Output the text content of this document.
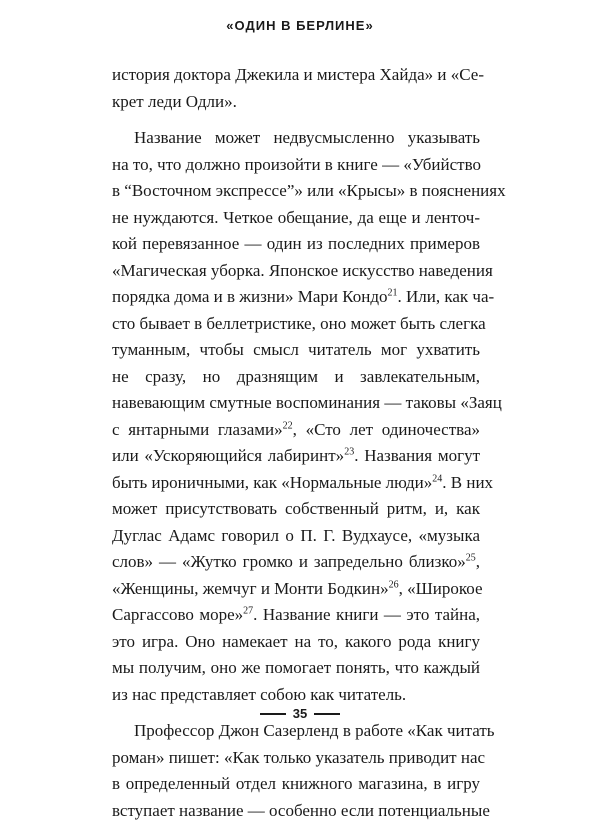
«ОДИН В БЕРЛИНЕ»
история доктора Джекила и мистера Хайда» и «Се-
крет леди Одли».
Название может недвусмысленно указывать
на то, что должно произойти в книге — «Убийство
в “Восточном экспрессе”» или «Крысы» в пояснениях
не нуждаются. Четкое обещание, да еще и ленточ-
кой перевязанное — один из последних примеров
«Магическая уборка. Японское искусство наведения
порядка дома и в жизни» Мари Кондо$^{21}$. Или, как ча-
сто бывает в беллетристике, оно может быть слегка
туманным, чтобы смысл читатель мог ухватить
не сразу, но дразнящим и завлекательным,
навевающим смутные воспоминания — таковы «Заяц
с янтарными глазами»$^{22}$, «Сто лет одиночества»
или «Ускоряющийся лабиринт»$^{23}$. Названия могут
быть ироничными, как «Нормальные люди»$^{24}$. В них
может присутствовать собственный ритм, и, как
Дуглас Адамс говорил о П. Г. Вудхаусе, «музыка
слов» — «Жутко громко и запредельно близко»$^{25}$,
«Женщины, жемчуг и Монти Бодкин»$^{26}$, «Широкое
Саргассово море»$^{27}$. Название книги — это тайна,
это игра. Оно намекает на то, какого рода книгу
мы получим, оно же помогает понять, что каждый
из нас представляет собою как читатель.
Профессор Джон Сазерленд в работе «Как читать
роман» пишет: «Как только указатель приводит нас
в определенный отдел книжного магазина, в игру
вступает название — особенно если потенциальные
35
